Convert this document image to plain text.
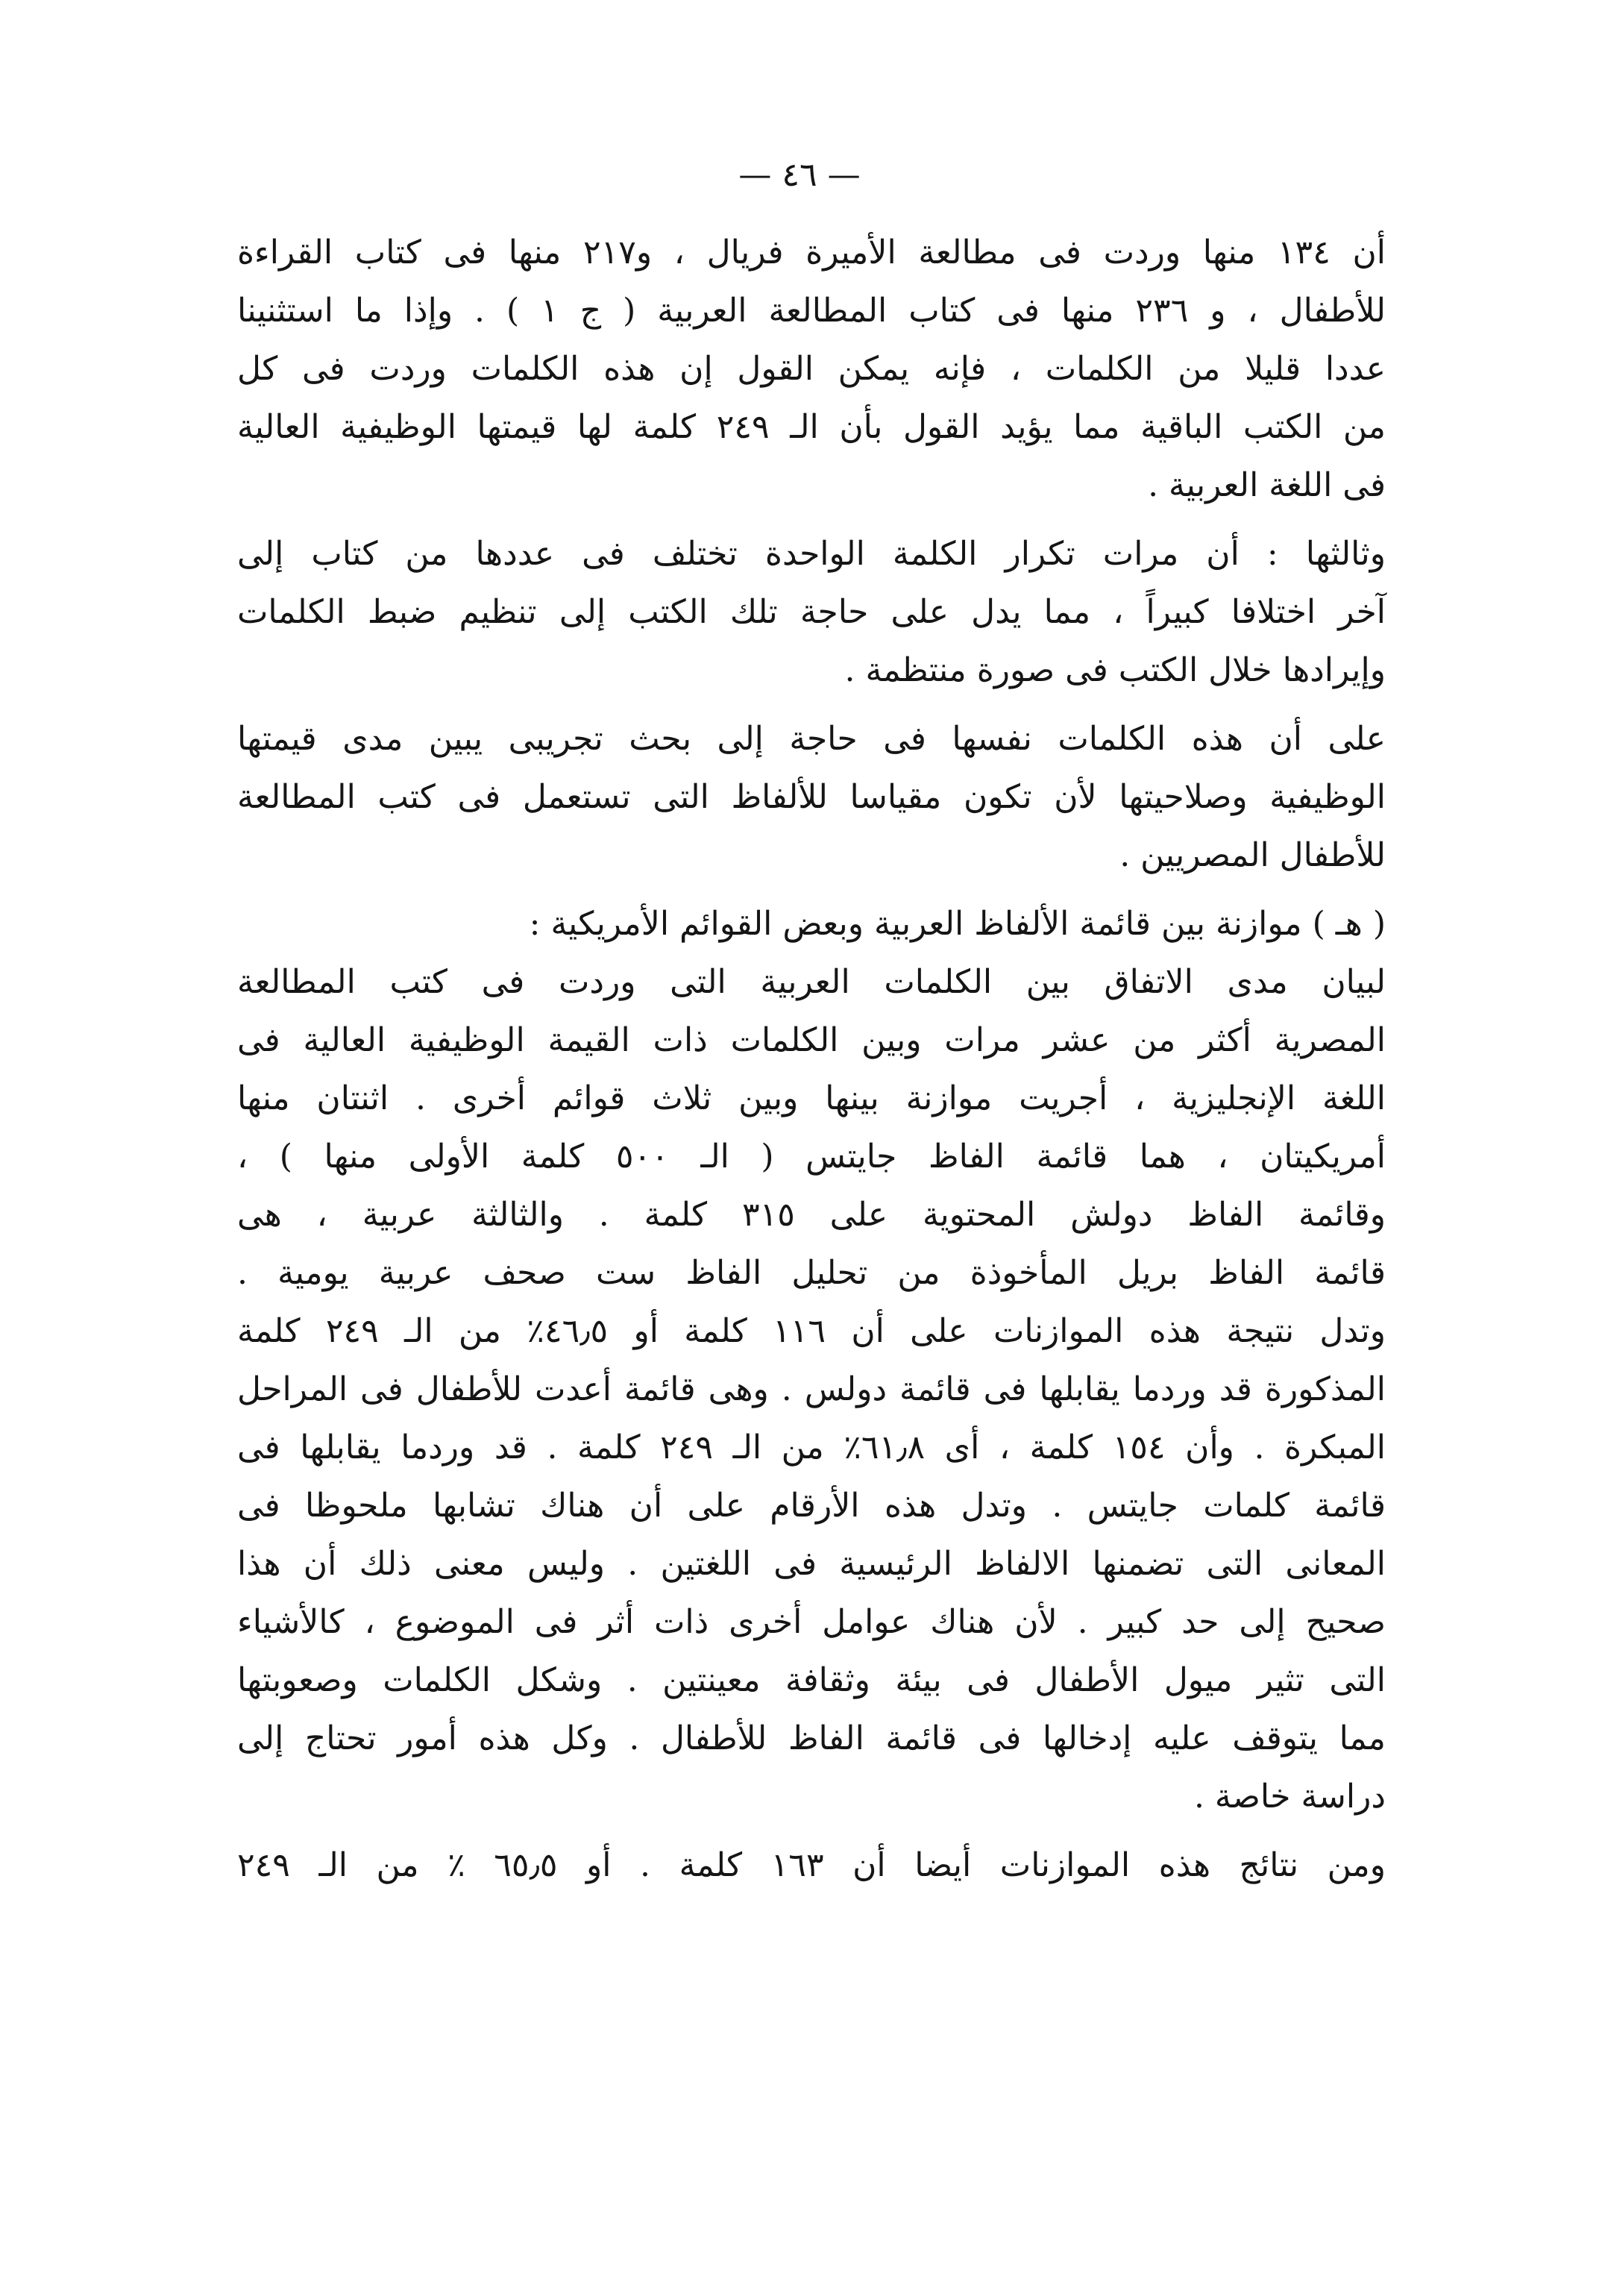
— ٤٦ —
أن ١٣٤ منها وردت فى مطالعة الأميرة فريال ، و٢١٧ منها فى كتاب القراءة
للأطفال ، و ٢٣٦ منها فى كتاب المطالعة العربية ( ج ١ ) . وإذا ما استثنينا
عددا قليلا من الكلمات ، فإنه يمكن القول إن هذه الكلمات وردت فى كل
من الكتب الباقية مما يؤيد القول بأن الـ ٢٤٩ كلمة لها قيمتها الوظيفية العالية
فى اللغة العربية .
وثالثها : أن مرات تكرار الكلمة الواحدة تختلف فى عددها من كتاب إلى
آخر اختلافا كبيراً ، مما يدل على حاجة تلك الكتب إلى تنظيم ضبط الكلمات
وإيرادها خلال الكتب فى صورة منتظمة .
على أن هذه الكلمات نفسها فى حاجة إلى بحث تجريبى يبين مدى قيمتها
الوظيفية وصلاحيتها لأن تكون مقياسا للألفاظ التى تستعمل فى كتب المطالعة
للأطفال المصريين .
( هـ ) موازنة بين قائمة الألفاظ العربية وبعض القوائم الأمريكية :
لبيان مدى الاتفاق بين الكلمات العربية التى وردت فى كتب المطالعة
المصرية أكثر من عشر مرات وبين الكلمات ذات القيمة الوظيفية العالية فى
اللغة الإنجليزية ، أجريت موازنة بينها وبين ثلاث قوائم أخرى . اثنتان منها
أمريكيتان ، هما قائمة الفاظ جايتس ( الـ ٥٠٠ كلمة الأولى منها ) ،
وقائمة الفاظ دولش المحتوية على ٣١٥ كلمة . والثالثة عربية ، هى
قائمة الفاظ بريل المأخوذة من تحليل الفاظ ست صحف عربية يومية .
وتدل نتيجة هذه الموازنات على أن ١١٦ كلمة أو ٤٦٫٥٪ من الـ ٢٤٩ كلمة
المذكورة قد وردما يقابلها فى قائمة دولس . وهى قائمة أعدت للأطفال فى المراحل
المبكرة . وأن ١٥٤ كلمة ، أى ٦١٫٨٪ من الـ ٢٤٩ كلمة . قد وردما يقابلها فى
قائمة كلمات جايتس . وتدل هذه الأرقام على أن هناك تشابها ملحوظا فى
المعانى التى تضمنها الالفاظ الرئيسية فى اللغتين . وليس معنى ذلك أن هذا
صحيح إلى حد كبير . لأن هناك عوامل أخرى ذات أثر فى الموضوع ، كالأشياء
التى تثير ميول الأطفال فى بيئة وثقافة معينتين . وشكل الكلمات وصعوبتها
مما يتوقف عليه إدخالها فى قائمة الفاظ للأطفال . وكل هذه أمور تحتاج إلى
دراسة خاصة .
ومن نتائج هذه الموازنات أيضا أن ١٦٣ كلمة . أو ٦٥٫٥ ٪ من الـ ٢٤٩
